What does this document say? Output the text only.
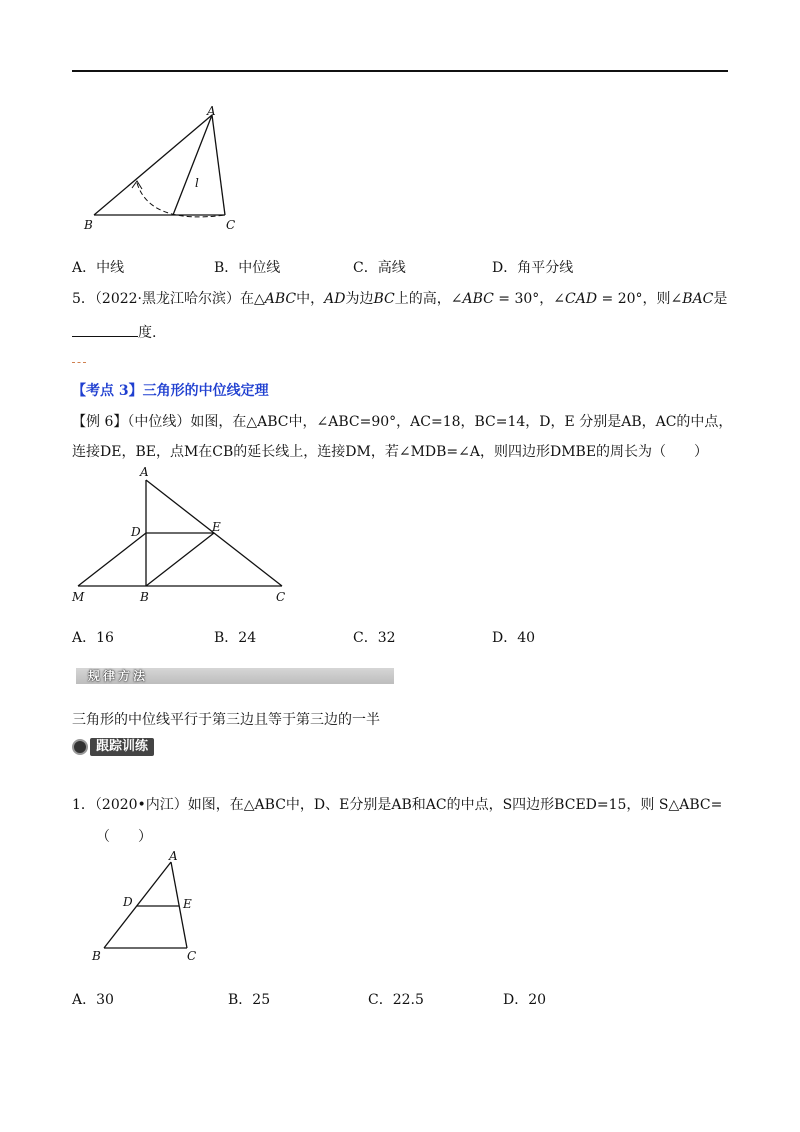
A
B	C
l
A．中线	B．中位线	C．高线	D．角平分线
5．（2022·黑龙江哈尔滨）在△ABC中，AD为边BC上的高，∠ABC = 30°，∠CAD = 20°，则∠BAC是
度.
【考点 3】三角形的中位线定理
【例 6】（中位线）如图，在△ABC中，∠ABC=90°，AC=18，BC=14，D，E 分别是AB，AC的中点，
连接DE，BE，点M在CB的延长线上，连接DM，若∠MDB=∠A，则四边形DMBE的周长为（　　）
A
D	E
M	B	C
A．16	B．24	C．32	D．40
规律方法
三角形的中位线平行于第三边且等于第三边的一半
跟踪训练
1．（2020•内江）如图，在△ABC中，D、E分别是AB和AC的中点，S四边形BCED=15，则 S△ABC=
（　　）
A
D	E
B	C
A．30	B．25	C．22.5	D．20
